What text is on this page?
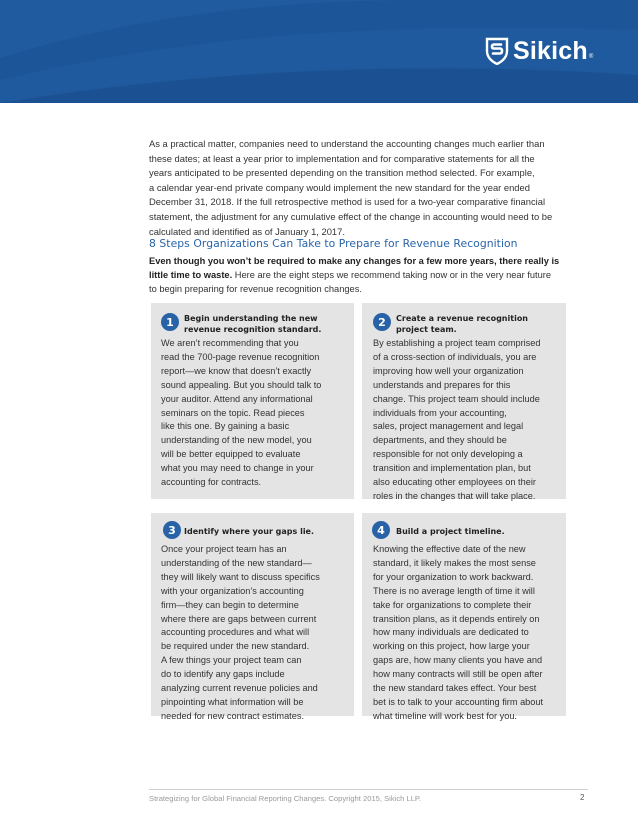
Sikich ®
As a practical matter, companies need to understand the accounting changes much earlier than
these dates; at least a year prior to implementation and for comparative statements for all the
years anticipated to be presented depending on the transition method selected. For example,
a calendar year-end private company would implement the new standard for the year ended
December 31, 2018. If the full retrospective method is used for a two-year comparative financial
statement, the adjustment for any cumulative effect of the change in accounting would need to be
calculated and identified as of January 1, 2017.
8 Steps Organizations Can Take to Prepare for Revenue Recognition
Even though you won’t be required to make any changes for a few more years, there really is
little time to waste. Here are the eight steps we recommend taking now or in the very near future
to begin preparing for revenue recognition changes.
1	Begin understanding the new
revenue recognition standard.
We aren’t recommending that you
read the 700-page revenue recognition
report—we know that doesn’t exactly
sound appealing. But you should talk to
your auditor. Attend any informational
seminars on the topic. Read pieces
like this one. By gaining a basic
understanding of the new model, you
will be better equipped to evaluate
what you may need to change in your
accounting for contracts.
2	Create a revenue recognition
project team.
By establishing a project team comprised
of a cross-section of individuals, you are
improving how well your organization
understands and prepares for this
change. This project team should include
individuals from your accounting,
sales, project management and legal
departments, and they should be
responsible for not only developing a
transition and implementation plan, but
also educating other employees on their
roles in the changes that will take place.
3	Identify where your gaps lie.
Once your project team has an
understanding of the new standard—
they will likely want to discuss specifics
with your organization’s accounting
firm—they can begin to determine
where there are gaps between current
accounting procedures and what will
be required under the new standard.
A few things your project team can
do to identify any gaps include
analyzing current revenue policies and
pinpointing what information will be
needed for new contract estimates.
4	Build a project timeline.
Knowing the effective date of the new
standard, it likely makes the most sense
for your organization to work backward.
There is no average length of time it will
take for organizations to complete their
transition plans, as it depends entirely on
how many individuals are dedicated to
working on this project, how large your
gaps are, how many clients you have and
how many contracts will still be open after
the new standard takes effect. Your best
bet is to talk to your accounting firm about
what timeline will work best for you.
Strategizing for Global Financial Reporting Changes. Copyright 2015, Sikich LLP.	2
